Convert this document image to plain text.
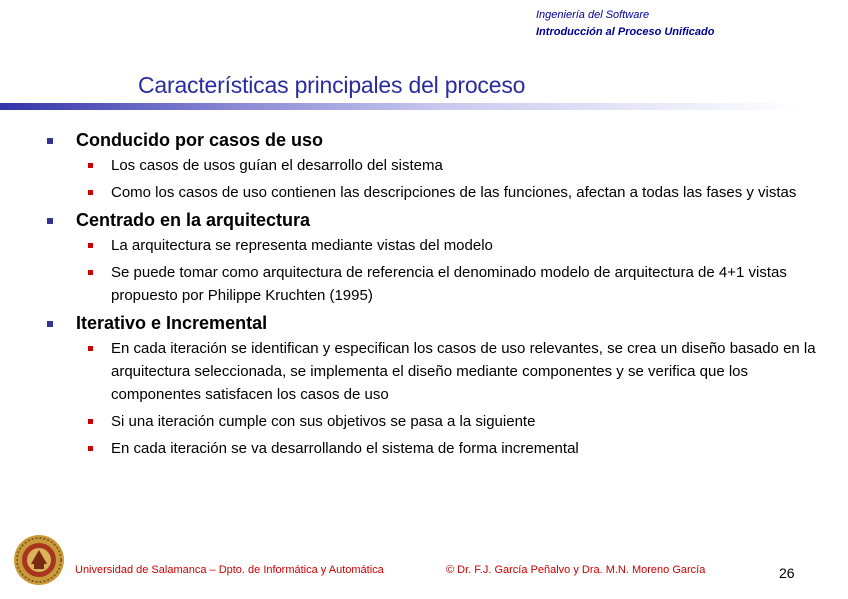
Ingeniería del Software
Introducción al Proceso Unificado
Características principales del proceso
Conducido por casos de uso
Los casos de usos guían el desarrollo del sistema
Como los casos de uso contienen las descripciones de las funciones, afectan a todas las fases y vistas
Centrado en la arquitectura
La arquitectura se representa mediante vistas del modelo
Se puede tomar como arquitectura de referencia el denominado modelo de arquitectura de 4+1 vistas propuesto por Philippe Kruchten (1995)
Iterativo e Incremental
En cada iteración se identifican y especifican los casos de uso relevantes, se crea un diseño basado en la arquitectura seleccionada, se implementa el diseño mediante componentes y se verifica que los componentes satisfacen los casos de uso
Si una iteración cumple con sus objetivos se pasa a la siguiente
En cada iteración se va desarrollando el sistema de forma incremental
Universidad de Salamanca – Dpto. de Informática y Automática	© Dr. F.J. García Peñalvo y Dra. M.N. Moreno García	26
